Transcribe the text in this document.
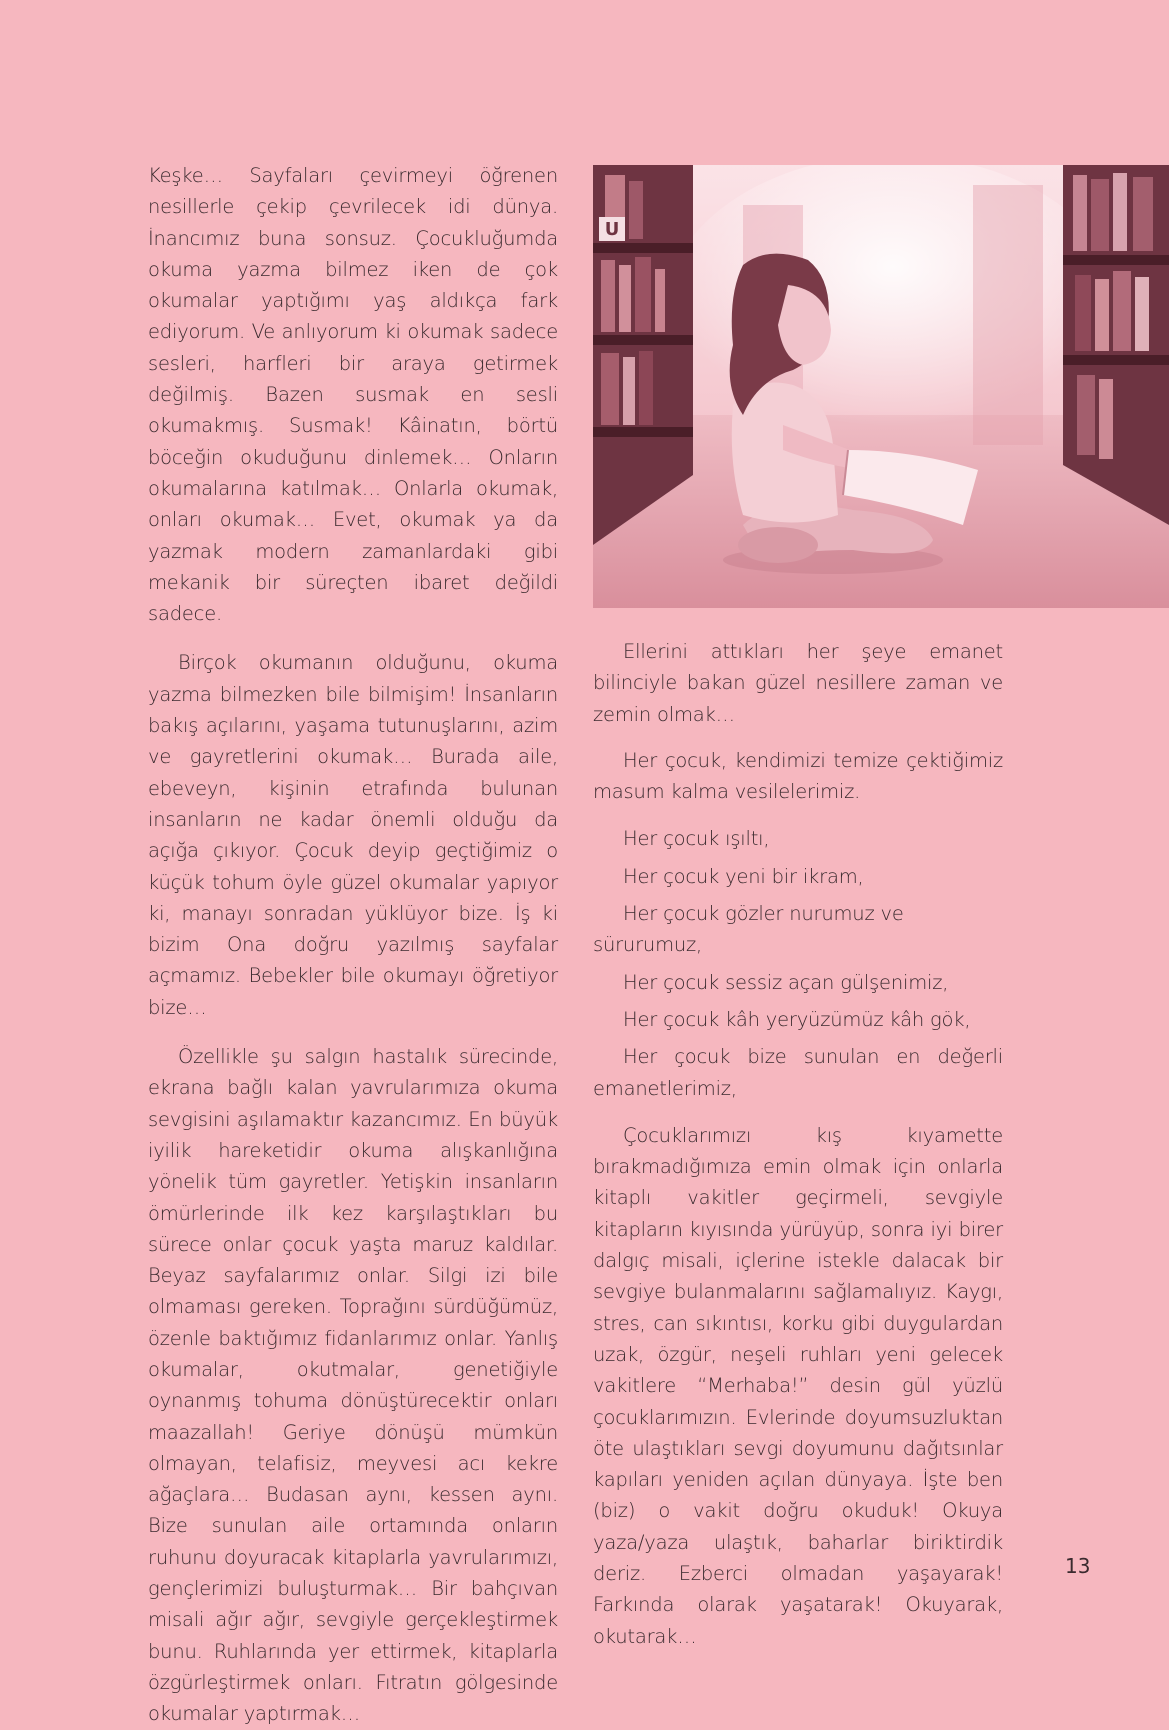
Keşke… Sayfaları çevirmeyi öğrenen nesillerle çekip çevrilecek idi dünya. İnancımız buna sonsuz. Çocukluğumda okuma yazma bilmez iken de çok okumalar yaptığımı yaş aldıkça fark ediyorum. Ve anlıyorum ki okumak sadece sesleri, harfleri bir araya getirmek değilmiş. Bazen susmak en sesli okumakmış. Susmak! Kâinatın, börtü böceğin okuduğunu dinlemek… Onların okumalarına katılmak… Onlarla okumak, onları okumak… Evet, okumak ya da yazmak modern zamanlardaki gibi mekanik bir süreçten ibaret değildi sadece.

Birçok okumanın olduğunu, okuma yazma bilmezken bile bilmişim! İnsanların bakış açılarını, yaşama tutunuşlarını, azim ve gayretlerini okumak… Burada aile, ebeveyn, kişinin etrafında bulunan insanların ne kadar önemli olduğu da açığa çıkıyor. Çocuk deyip geçtiğimiz o küçük tohum öyle güzel okumalar yapıyor ki, manayı sonradan yüklüyor bize. İş ki bizim Ona doğru yazılmış sayfalar açmamız. Bebekler bile okumayı öğretiyor bize…

Özellikle şu salgın hastalık sürecinde, ekrana bağlı kalan yavrularımıza okuma sevgisini aşılamaktır kazancımız. En büyük iyilik hareketidir okuma alışkanlığına yönelik tüm gayretler. Yetişkin insanların ömürlerinde ilk kez karşılaştıkları bu sürece onlar çocuk yaşta maruz kaldılar. Beyaz sayfalarımız onlar. Silgi izi bile olmaması gereken. Toprağını sürdüğümüz, özenle baktığımız fidanlarımız onlar. Yanlış okumalar, okutmalar, genetiğiyle oynanmış tohuma dönüştürecektir onları maazallah! Geriye dönüşü mümkün olmayan, telafisiz, meyvesi acı kekre ağaçlara… Budasan aynı, kessen aynı. Bize sunulan aile ortamında onların ruhunu doyuracak kitaplarla yavrularımızı, gençlerimizi buluşturmak… Bir bahçıvan misali ağır ağır, sevgiyle gerçekleştirmek bunu. Ruhlarında yer ettirmek, kitaplarla özgürleştirmek onları. Fıtratın gölgesinde okumalar yaptırmak…

U

Ellerini attıkları her şeye emanet bilinciyle bakan güzel nesillere zaman ve zemin olmak…

Her çocuk, kendimizi temize çektiğimiz masum kalma vesilelerimiz.

Her çocuk ışıltı,

Her çocuk yeni bir ikram,

Her çocuk gözler nurumuz ve sürurumuz,

Her çocuk sessiz açan gülşenimiz,

Her çocuk kâh yeryüzümüz kâh gök,

Her çocuk bize sunulan en değerli emanetlerimiz,

Çocuklarımızı kış kıyamette bırakmadığımıza emin olmak için onlarla kitaplı vakitler geçirmeli, sevgiyle kitapların kıyısında yürüyüp, sonra iyi birer dalgıç misali, içlerine istekle dalacak bir sevgiye bulanmalarını sağlamalıyız. Kaygı, stres, can sıkıntısı, korku gibi duygulardan uzak, özgür, neşeli ruhları yeni gelecek vakitlere “Merhaba!” desin gül yüzlü çocuklarımızın. Evlerinde doyumsuzluktan öte ulaştıkları sevgi doyumunu dağıtsınlar kapıları yeniden açılan dünyaya. İşte ben (biz) o vakit doğru okuduk! Okuya yaza/yaza ulaştık, baharlar biriktirdik deriz. Ezberci olmadan yaşayarak! Farkında olarak yaşatarak! Okuyarak, okutarak…

13
